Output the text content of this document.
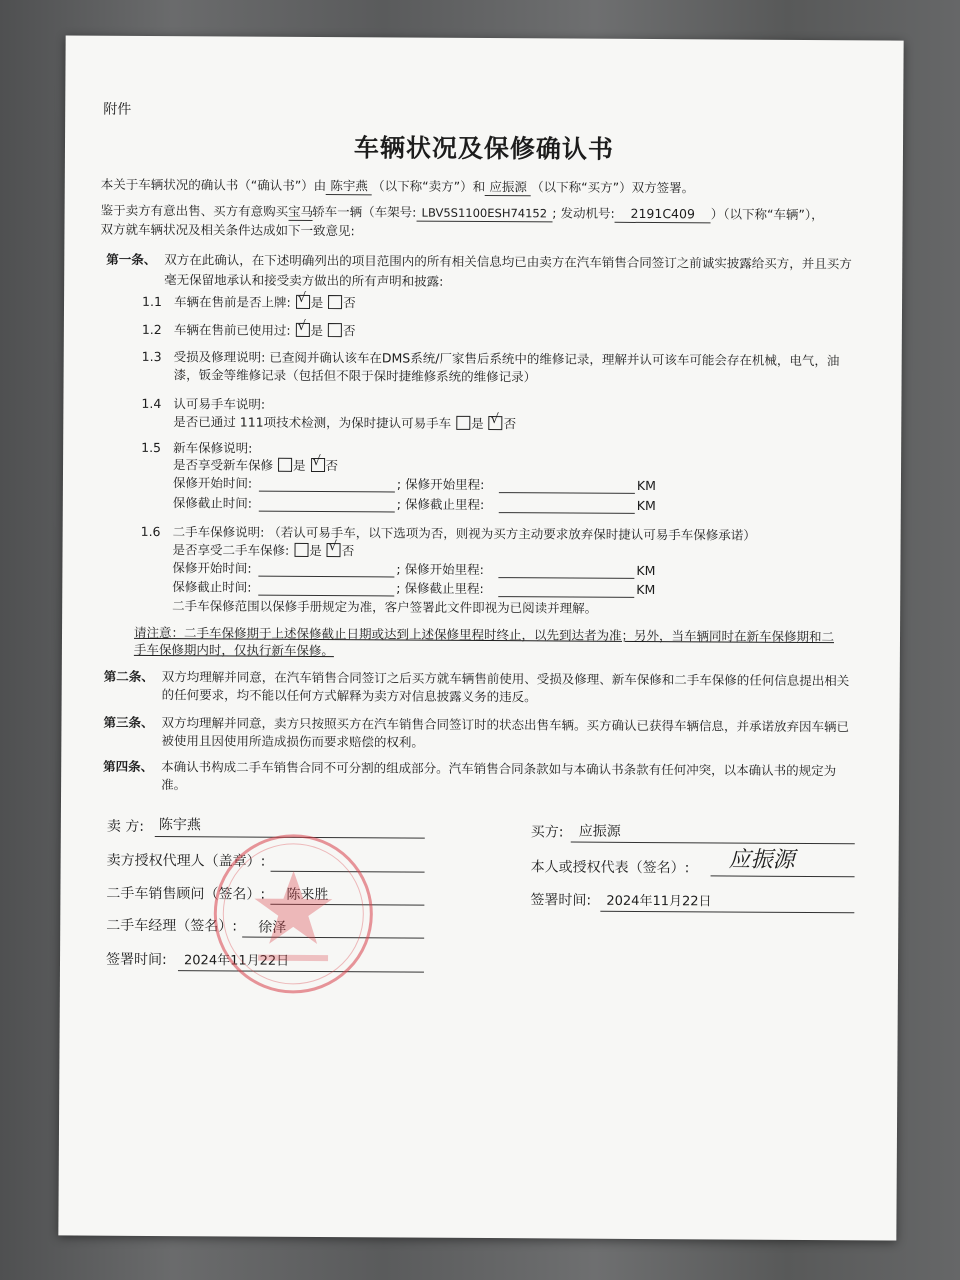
附件
车辆状况及保修确认书
本关于车辆状况的确认书（“确认书”）由 陈宇燕 （以下称“卖方”）和 应振源 （以下称“买方”）双方签署。
鉴于卖方有意出售、买方有意购买宝马轿车一辆（车架号: LBV5S1100ESH74152 ; 发动机号: 2191C409 ）（以下称“车辆”），
双方就车辆状况及相关条件达成如下一致意见:
第一条、 双方在此确认，在下述明确列出的项目范围内的所有相关信息均已由卖方在汽车销售合同签订之前诚实披露给买方，并且买方
毫无保留地承认和接受卖方做出的所有声明和披露:
1.1 车辆在售前是否上牌: √ 是 否
1.2 车辆在售前已使用过: √ 是 否
1.3 受损及修理说明: 已查阅并确认该车在DMS系统/厂家售后系统中的维修记录，理解并认可该车可能会存在机械，电气，油
漆，钣金等维修记录（包括但不限于保时捷维修系统的维修记录）
1.4 认可易手车说明:
是否已通过 111项技术检测，为保时捷认可易手车 是 √ 否
1.5 新车保修说明:
是否享受新车保修 是 √ 否
保修开始时间:	; 保修开始里程:	KM
保修截止时间:	; 保修截止里程:	KM
1.6 二手车保修说明: （若认可易手车，以下选项为否，则视为买方主动要求放弃保时捷认可易手车保修承诺）
是否享受二手车保修: 是 √ 否
保修开始时间:	; 保修开始里程:	KM
保修截止时间:	; 保修截止里程:	KM
二手车保修范围以保修手册规定为准，客户签署此文件即视为已阅读并理解。
请注意：二手车保修期于上述保修截止日期或达到上述保修里程时终止，以先到达者为准；另外，当车辆同时在新车保修期和二
手车保修期内时，仅执行新车保修。
第二条、 双方均理解并同意，在汽车销售合同签订之后买方就车辆售前使用、受损及修理、新车保修和二手车保修的任何信息提出相关
的任何要求，均不能以任何方式解释为卖方对信息披露义务的违反。
第三条、 双方均理解并同意，卖方只按照买方在汽车销售合同签订时的状态出售车辆。买方确认已获得车辆信息，并承诺放弃因车辆已
被使用且因使用所造成损伤而要求赔偿的权利。
第四条、 本确认书构成二手车销售合同不可分割的组成部分。汽车销售合同条款如与本确认书条款有任何冲突，以本确认书的规定为
准。
卖 方: 陈宇燕
卖方授权代理人（盖章）:
二手车销售顾问（签名）: 陈来胜
二手车经理（签名）: 徐泽
签署时间: 2024年11月22日
买方: 应振源
本人或授权代表（签名）: 应振源
签署时间: 2024年11月22日
